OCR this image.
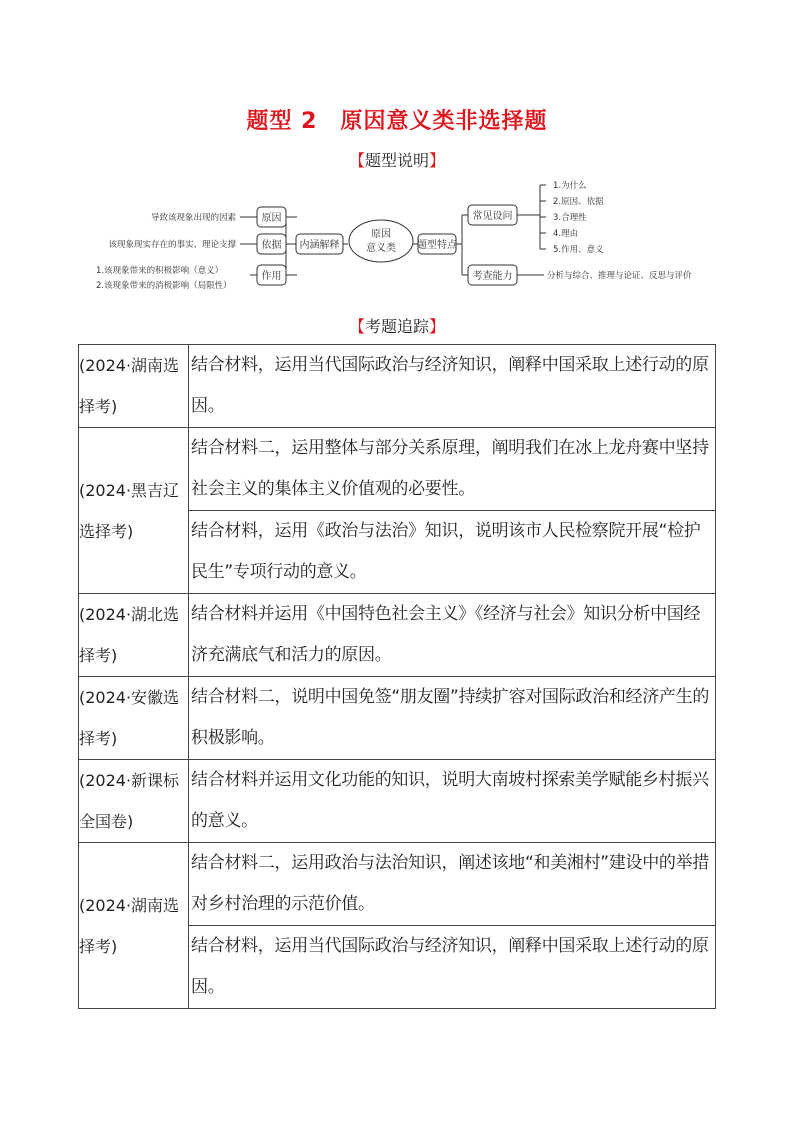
题型 2　原因意义类非选择题
【题型说明】
原因
依据
作用
内涵解释
原因
意义类 题型特点
常见设问
考查能力
导致该现象出现的因素
该现象现实存在的事实、理论支撑
1.该现象带来的积极影响（意义）
2.该现象带来的消极影响（局限性）
1.为什么
2.原因、依据
3.合理性
4.理由
5.作用、意义
分析与综合、推理与论证、反思与评价
【考题追踪】
(2024·湖南选择考)	结合材料，运用当代国际政治与经济知识，阐释中国采取上述行动的原因。
(2024·黑吉辽选择考)	结合材料二，运用整体与部分关系原理，阐明我们在冰上龙舟赛中坚持社会主义的集体主义价值观的必要性。
	结合材料，运用《政治与法治》知识，说明该市人民检察院开展“检护民生”专项行动的意义。
(2024·湖北选择考)	结合材料并运用《中国特色社会主义》《经济与社会》知识分析中国经济充满底气和活力的原因。
(2024·安徽选择考)	结合材料二，说明中国免签“朋友圈”持续扩容对国际政治和经济产生的积极影响。
(2024·新课标全国卷)	结合材料并运用文化功能的知识，说明大南坡村探索美学赋能乡村振兴的意义。
(2024·湖南选择考)	结合材料二，运用政治与法治知识，阐述该地“和美湘村”建设中的举措对乡村治理的示范价值。
	结合材料，运用当代国际政治与经济知识，阐释中国采取上述行动的原因。
